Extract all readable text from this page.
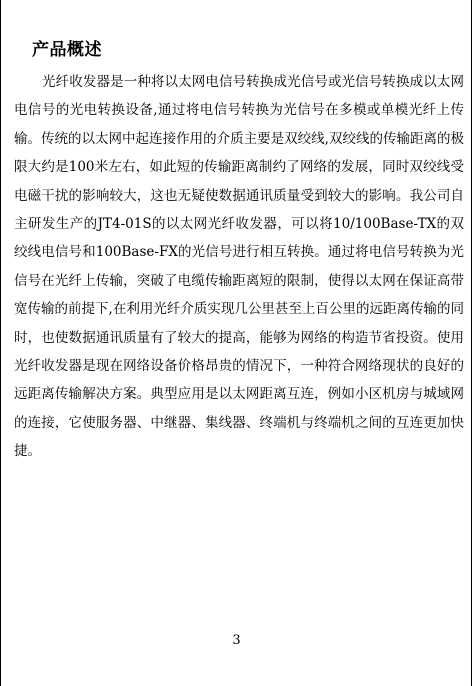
产品概述

光纤收发器是一种将以太网电信号转换成光信号或光信号转换成以太网电信号的光电转换设备,通过将电信号转换为光信号在多模或单模光纤上传输。传统的以太网中起连接作用的介质主要是双绞线,双绞线的传输距离的极限大约是100米左右，如此短的传输距离制约了网络的发展，同时双绞线受电磁干扰的影响较大，这也无疑使数据通讯质量受到较大的影响。我公司自主研发生产的JT4-01S的以太网光纤收发器，可以将10/100Base-TX的双绞线电信号和100Base-FX的光信号进行相互转换。通过将电信号转换为光信号在光纤上传输，突破了电缆传输距离短的限制，使得以太网在保证高带宽传输的前提下,在利用光纤介质实现几公里甚至上百公里的远距离传输的同时，也使数据通讯质量有了较大的提高，能够为网络的构造节省投资。使用光纤收发器是现在网络设备价格昂贵的情况下，一种符合网络现状的良好的远距离传输解决方案。典型应用是以太网距离互连，例如小区机房与城域网的连接，它使服务器、中继器、集线器、终端机与终端机之间的互连更加快捷。

3
